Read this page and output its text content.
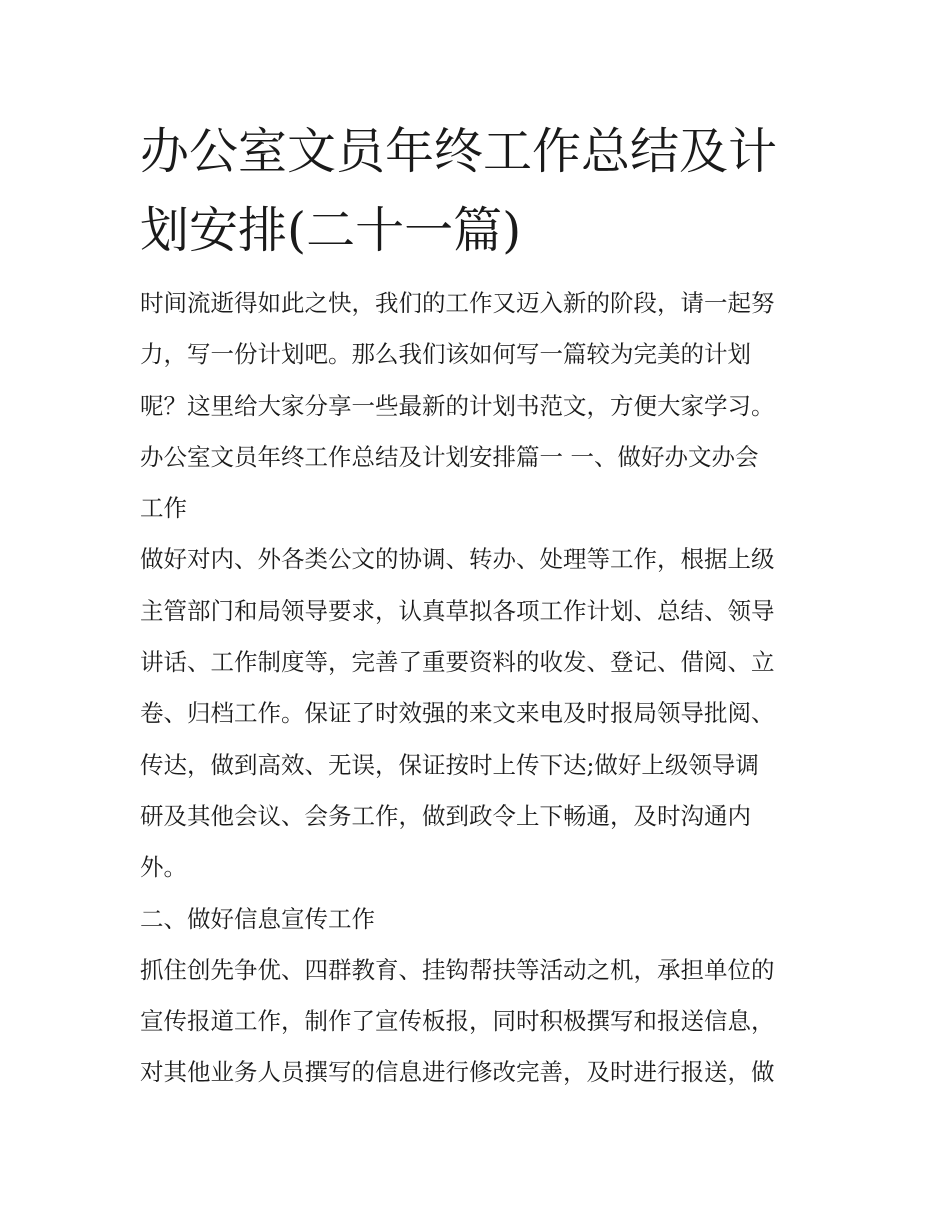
办公室文员年终工作总结及计
划安排(二十一篇)
时间流逝得如此之快，我们的工作又迈入新的阶段，请一起努
力，写一份计划吧。那么我们该如何写一篇较为完美的计划
呢？这里给大家分享一些最新的计划书范文，方便大家学习。
办公室文员年终工作总结及计划安排篇一 一、做好办文办会
工作
做好对内、外各类公文的协调、转办、处理等工作，根据上级
主管部门和局领导要求，认真草拟各项工作计划、总结、领导
讲话、工作制度等，完善了重要资料的收发、登记、借阅、立
卷、归档工作。保证了时效强的来文来电及时报局领导批阅、
传达，做到高效、无误，保证按时上传下达;做好上级领导调
研及其他会议、会务工作，做到政令上下畅通，及时沟通内
外。
二、做好信息宣传工作
抓住创先争优、四群教育、挂钩帮扶等活动之机，承担单位的
宣传报道工作，制作了宣传板报，同时积极撰写和报送信息，
对其他业务人员撰写的信息进行修改完善，及时进行报送，做
